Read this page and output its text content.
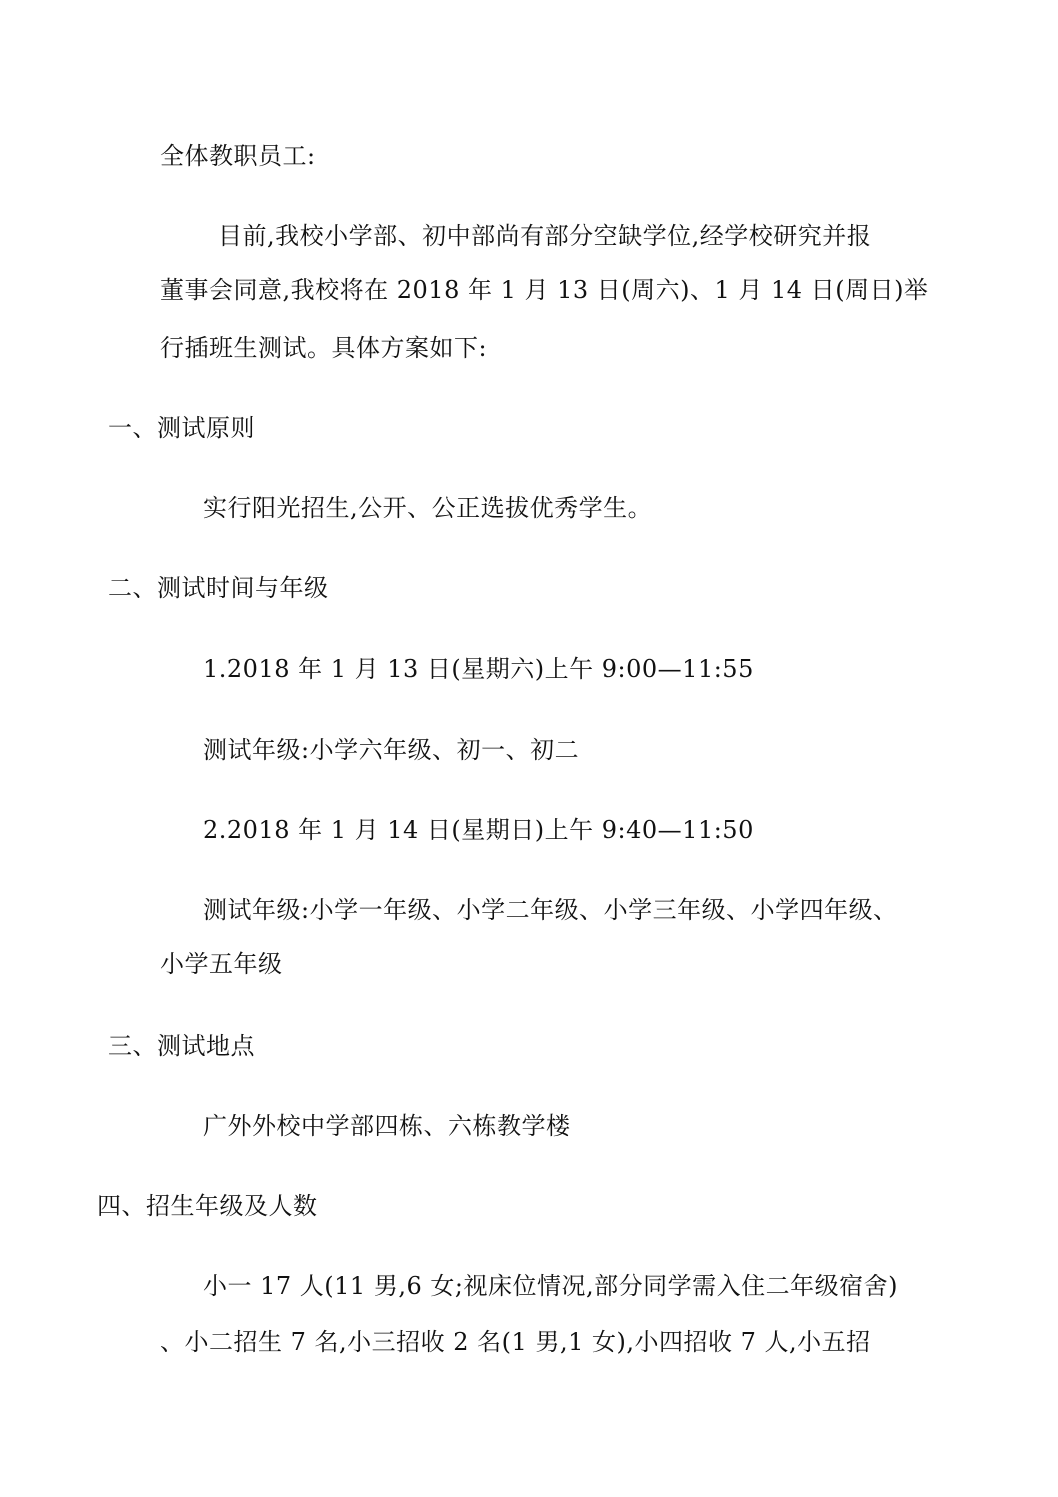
全体教职员工:
目前,我校小学部、初中部尚有部分空缺学位,经学校研究并报
董事会同意,我校将在 2018 年 1 月 13 日(周六)、1 月 14 日(周日)举
行插班生测试。具体方案如下:
一、测试原则
实行阳光招生,公开、公正选拔优秀学生。
二、测试时间与年级
1.2018 年 1 月 13 日(星期六)上午 9:00—11:55
测试年级:小学六年级、初一、初二
2.2018 年 1 月 14 日(星期日)上午 9:40—11:50
测试年级:小学一年级、小学二年级、小学三年级、小学四年级、
小学五年级
三、测试地点
广外外校中学部四栋、六栋教学楼
四、招生年级及人数
小一 17 人(11 男,6 女;视床位情况,部分同学需入住二年级宿舍)
、小二招生 7 名,小三招收 2 名(1 男,1 女),小四招收 7 人,小五招
